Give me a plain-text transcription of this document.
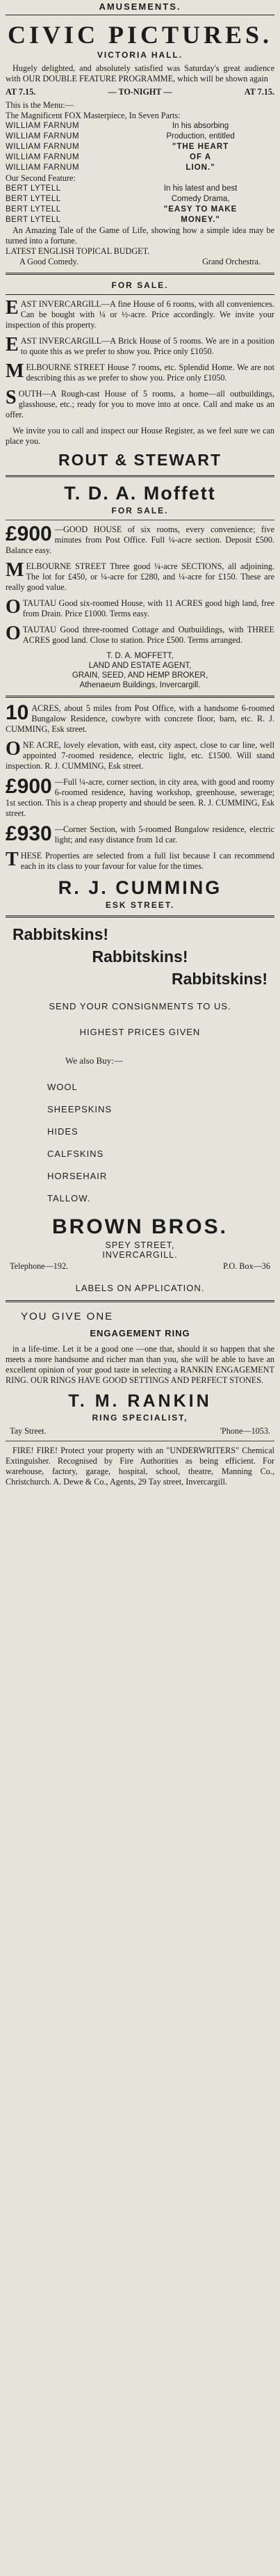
AMUSEMENTS.
CIVIC PICTURES.
VICTORIA HALL.

Hugely delighted, and absolutely satisfied was Saturday's great audience with OUR DOUBLE FEATURE PROGRAMME, which will be shown again

AT 7.15.	— TO-NIGHT —	AT 7.15.

This is the Menu:—

The Magnificent FOX Masterpiece, In Seven Parts:

WILLIAM FARNUM	In his absorbing
WILLIAM FARNUM	Production, entitled
WILLIAM FARNUM	"THE HEART
WILLIAM FARNUM	OF A
WILLIAM FARNUM	LION."

Our Second Feature:

BERT LYTELL	In his latest and best
BERT LYTELL	Comedy Drama,
BERT LYTELL	"EASY TO MAKE
BERT LYTELL	MONEY."

An Amazing Tale of the Game of Life, showing how a simple idea may be turned into a fortune.

LATEST ENGLISH TOPICAL BUDGET.

A Good Comedy.	Grand Orchestra.
FOR SALE.
E AST INVERCARGILL—A fine House of 6 rooms, with all conveniences. Can be bought with ¼ or ½-acre. Price accordingly. We invite your inspection of this property.

E AST INVERCARGILL—A Brick House of 5 rooms. We are in a position to quote this as we prefer to show you. Price only £1050.

M ELBOURNE STREET House 7 rooms, etc. Splendid Home. We are not describing this as we prefer to show you. Price only £1050.

S OUTH—A Rough-cast House of 5 rooms, a home—all outbuildings, glasshouse, etc.; ready for you to move into at once. Call and make us an offer.

We invite you to call and inspect our House Register, as we feel sure we can place you.

ROUT & STEWART
T. D. A. Moffett
FOR SALE.
£900 —GOOD HOUSE of six rooms, every convenience; five minutes from Post Office. Full ¼-acre section. Deposit £500. Balance easy.

M ELBOURNE STREET Three good ¼-acre SECTIONS, all adjoining. The lot for £450, or ¼-acre for £280, and ¼-acre for £150. These are really good value.

O TAUTAU Good six-roomed House, with 11 ACRES good high land, free from Drain. Price £1000. Terms easy.

O TAUTAU Good three-roomed Cottage and Outbuildings, with THREE ACRES good land. Close to station. Price £500. Terms arranged.

T. D. A. MOFFETT,
LAND AND ESTATE AGENT,
GRAIN, SEED, AND HEMP BROKER,
Athenaeum Buildings, Invercargill.
10 ACRES, about 5 miles from Post Office, with a handsome 6-roomed Bungalow Residence, cowbyre with concrete floor, barn, etc. R. J. CUMMING, Esk street.

O NE ACRE, lovely elevation, with east, city aspect, close to car line, well appointed 7-roomed residence, electric light, etc. £1500. Will stand inspection. R. J. CUMMING, Esk street.

£900 —Full ¼-acre, corner section, in city area, with good and roomy 6-roomed residence, having workshop, greenhouse, sewerage; 1st section. This is a cheap property and should be seen. R. J. CUMMING, Esk street.

£930 —Corner Section, with 5-roomed Bungalow residence, electric light; and easy distance from 1d car.

T HESE Properties are selected from a full list because I can recommend each in its class to your favour for value for the times.

R. J. CUMMING
ESK STREET.
Rabbitskins!
Rabbitskins!
Rabbitskins!
SEND YOUR CONSIGNMENTS TO US.
HIGHEST PRICES GIVEN
We also Buy:—
WOOL
SHEEPSKINS
HIDES
CALFSKINS
HORSEHAIR
TALLOW.
BROWN BROS.
SPEY STREET,
INVERCARGILL.
Telephone—192.	P.O. Box—36
LABELS ON APPLICATION.
YOU GIVE ONE
ENGAGEMENT RING

in a life-time. Let it be a good one —one that, should it so happen that she meets a more handsome and richer man than you, she will be able to have an excellent opinion of your good taste in selecting a RANKIN ENGAGEMENT RING. OUR RINGS HAVE GOOD SETTINGS AND PERFECT STONES.

T. M. RANKIN
RING SPECIALIST,
Tay Street.	'Phone—1053.

FIRE! FIRE! Protect your property with an "UNDERWRITERS" Chemical Extinguisher. Recognised by Fire Authorities as being efficient. For warehouse, factory, garage, hospital, school, theatre, Manning Co., Christchurch. A. Dewe & Co., Agents, 29 Tay street, Invercargill.
